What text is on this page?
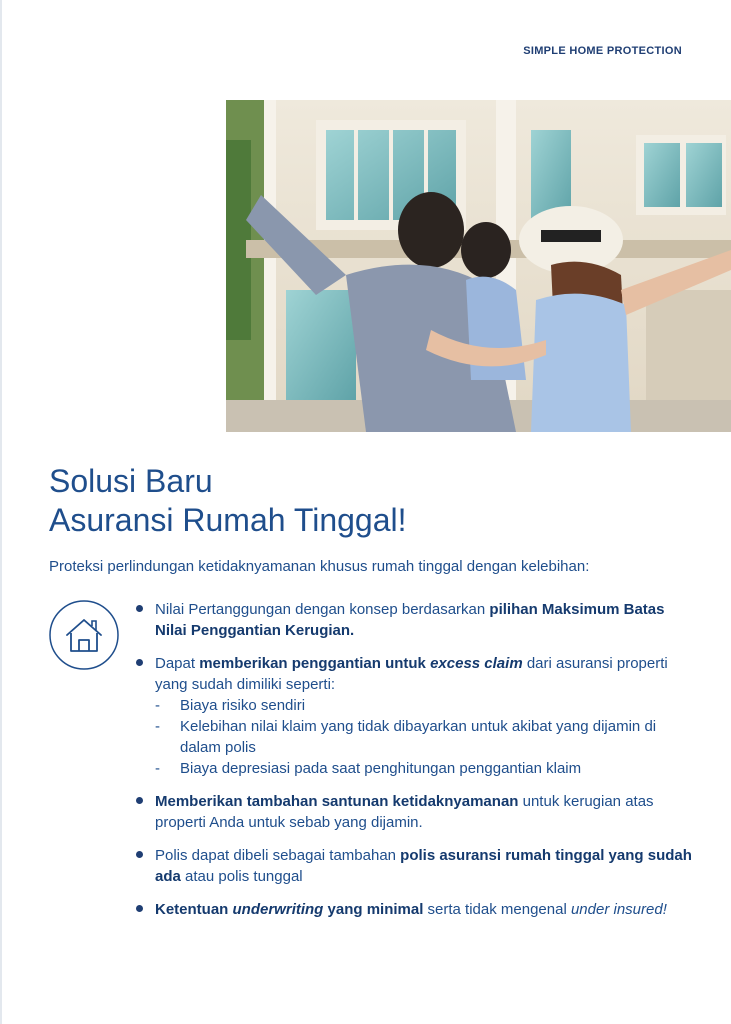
SIMPLE HOME PROTECTION
Solusi Baru
Asuransi Rumah Tinggal!

Proteksi perlindungan ketidaknyamanan khusus rumah tinggal dengan kelebihan:

Nilai Pertanggungan dengan konsep berdasarkan pilihan Maksimum Batas Nilai Penggantian Kerugian.
Dapat memberikan penggantian untuk excess claim dari asuransi properti yang sudah dimiliki seperti:
- Biaya risiko sendiri
- Kelebihan nilai klaim yang tidak dibayarkan untuk akibat yang dijamin di dalam polis
- Biaya depresiasi pada saat penghitungan penggantian klaim
Memberikan tambahan santunan ketidaknyamanan untuk kerugian atas properti Anda untuk sebab yang dijamin.
Polis dapat dibeli sebagai tambahan polis asuransi rumah tinggal yang sudah ada atau polis tunggal
Ketentuan underwriting yang minimal serta tidak mengenal under insured!
